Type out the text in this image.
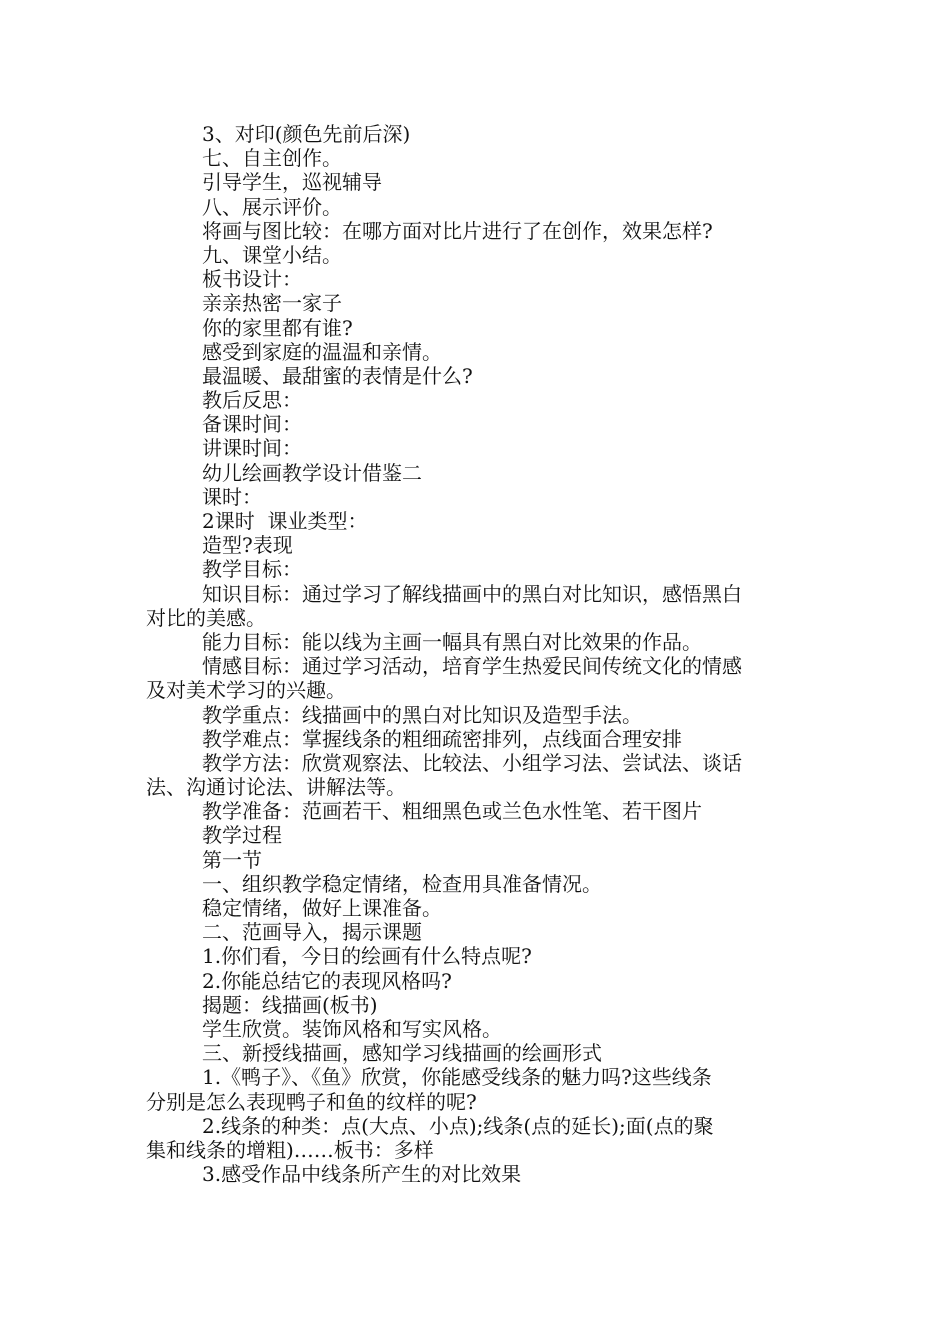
3、对印(颜色先前后深)
七、自主创作。
引导学生，巡视辅导
八、展示评价。
将画与图比较：在哪方面对比片进行了在创作，效果怎样?
九、课堂小结。
板书设计：
亲亲热密一家子
你的家里都有谁?
感受到家庭的温温和亲情。
最温暖、最甜蜜的表情是什么?
教后反思：
备课时间：
讲课时间：
幼儿绘画教学设计借鉴二
课时：
2课时  课业类型：
造型?表现
教学目标：
知识目标：通过学习了解线描画中的黑白对比知识，感悟黑白
对比的美感。
能力目标：能以线为主画一幅具有黑白对比效果的作品。
情感目标：通过学习活动，培育学生热爱民间传统文化的情感
及对美术学习的兴趣。
教学重点：线描画中的黑白对比知识及造型手法。
教学难点：掌握线条的粗细疏密排列，点线面合理安排
教学方法：欣赏观察法、比较法、小组学习法、尝试法、谈话
法、沟通讨论法、讲解法等。
教学准备：范画若干、粗细黑色或兰色水性笔、若干图片
教学过程
第一节
一、组织教学稳定情绪，检查用具准备情况。
稳定情绪，做好上课准备。
二、范画导入，揭示课题
1.你们看，今日的绘画有什么特点呢?
2.你能总结它的表现风格吗?
揭题：线描画(板书)
学生欣赏。装饰风格和写实风格。
三、新授线描画，感知学习线描画的绘画形式
1.《鸭子》、《鱼》欣赏，你能感受线条的魅力吗?这些线条
分别是怎么表现鸭子和鱼的纹样的呢?
2.线条的种类：点(大点、小点);线条(点的延长);面(点的聚
集和线条的增粗)……板书：多样
3.感受作品中线条所产生的对比效果
